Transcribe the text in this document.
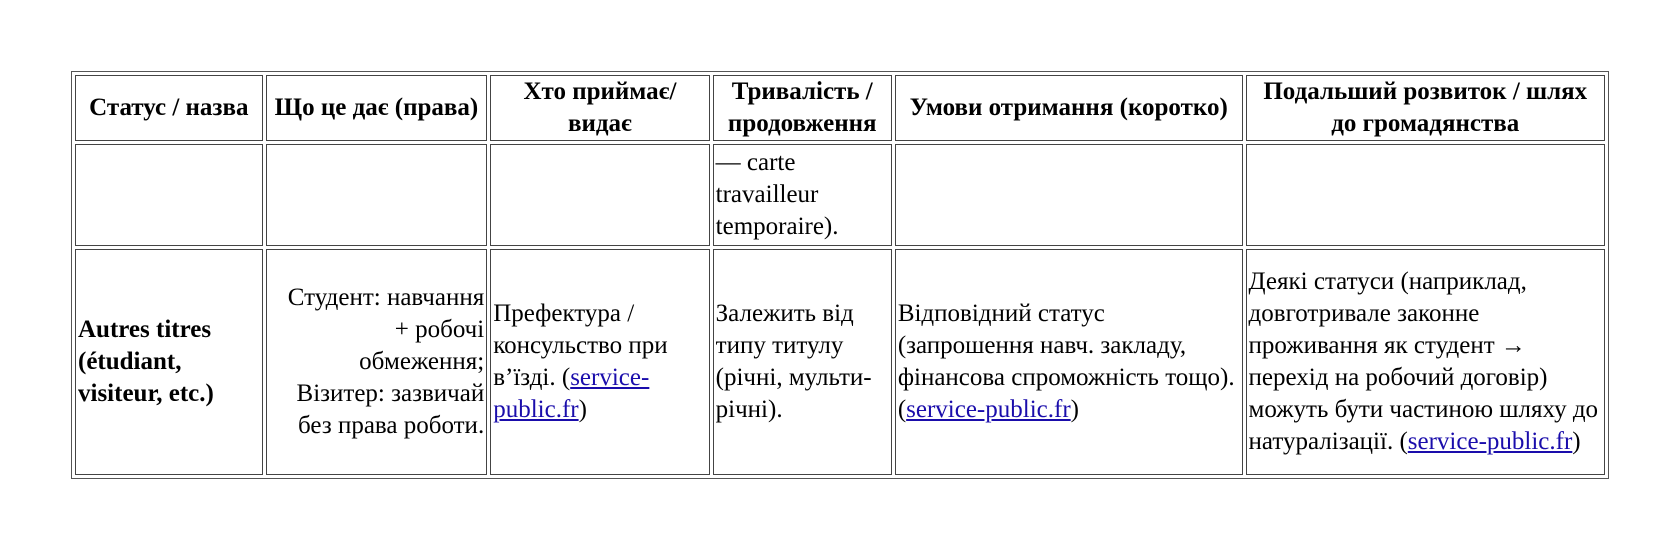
Статус / назва	Що це дає (права)	Хто приймає/видає	Тривалість / продовження	Умови отримання (коротко)	Подальший розвиток / шлях до громадянства
			— carte travailleur temporaire).		
Autres titres (étudiant, visiteur, etc.)	Студент: навчання + робочі обмеження; Візитер: зазвичай без права роботи.	Префектура / консульство при в’їзді. (service-public.fr)	Залежить від типу титулу (річні, мульти-річні).	Відповідний статус (запрошення навч. закладу, фінансова спроможність тощо). (service-public.fr)	Деякі статуси (наприклад, довготривале законне проживання як студент → перехід на робочий договір) можуть бути частиною шляху до натуралізації. (service-public.fr)
